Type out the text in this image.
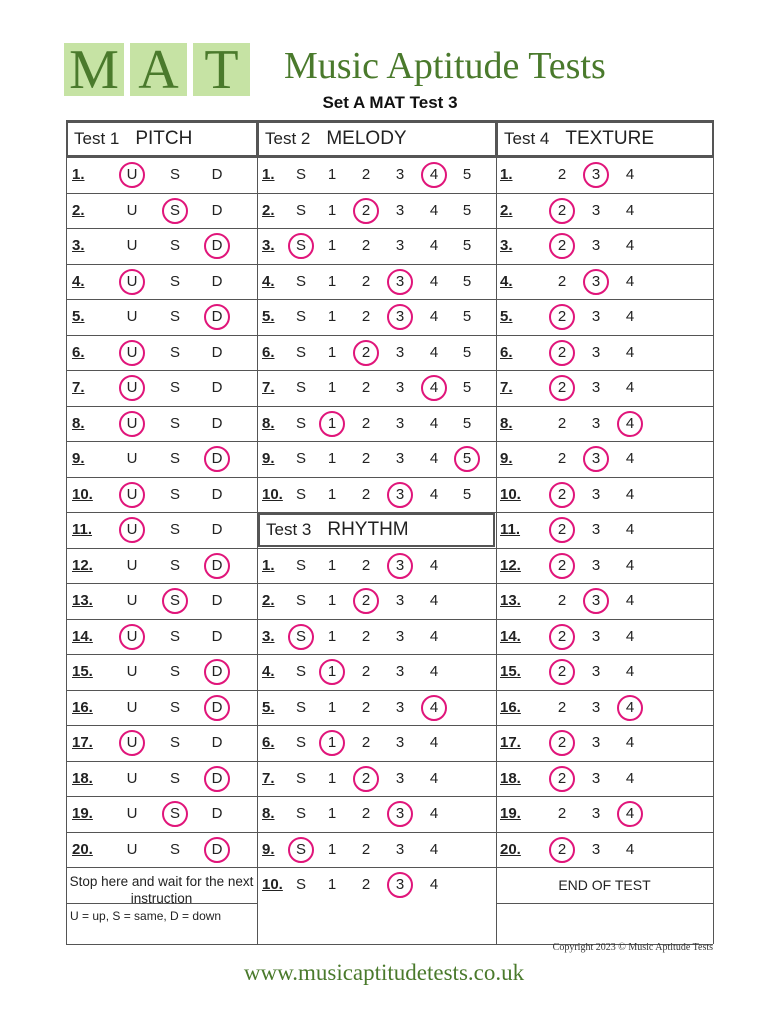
M A T Music Aptitude Tests
Set A MAT Test 3
Test 1 PITCH	Test 2 MELODY	Test 4 TEXTURE
Test 3 RHYTHM
1.	U	S	D
2.	U	S	D
3.	U	S	D
4.	U	S	D
5.	U	S	D
6.	U	S	D
7.	U	S	D
8.	U	S	D
9.	U	S	D
10.	U	S	D
11.	U	S	D
12.	U	S	D
13.	U	S	D
14.	U	S	D
15.	U	S	D
16.	U	S	D
17.	U	S	D
18.	U	S	D
19.	U	S	D
20.	U	S	D
1.	S	1	2	3	4	5
2.	S	1	2	3	4	5
3.	S	1	2	3	4	5
4.	S	1	2	3	4	5
5.	S	1	2	3	4	5
6.	S	1	2	3	4	5
7.	S	1	2	3	4	5
8.	S	1	2	3	4	5
9.	S	1	2	3	4	5
10. S	1	2	3	4	5
1.	S	1	2	3	4
2.	S	1	2	3	4
3.	S	1	2	3	4
4.	S	1	2	3	4
5.	S	1	2	3	4
6.	S	1	2	3	4
7.	S	1	2	3	4
8.	S	1	2	3	4
9.	S	1	2	3	4
10. S	1	2	3	4
1.	2	3	4
2.	2	3	4
3.	2	3	4
4.	2	3	4
5.	2	3	4
6.	2	3	4
7.	2	3	4
8.	2	3	4
9.	2	3	4
10.	2	3	4
11.	2	3	4
12.	2	3	4
13.	2	3	4
14.	2	3	4
15.	2	3	4
16.	2	3	4
17.	2	3	4
18.	2	3	4
19.	2	3	4
20.	2	3	4
Stop here and wait for the next instruction
U = up, S = same, D = down
END OF TEST
Copyright 2023 © Music Aptitude Tests
www.musicaptitudetests.co.uk
